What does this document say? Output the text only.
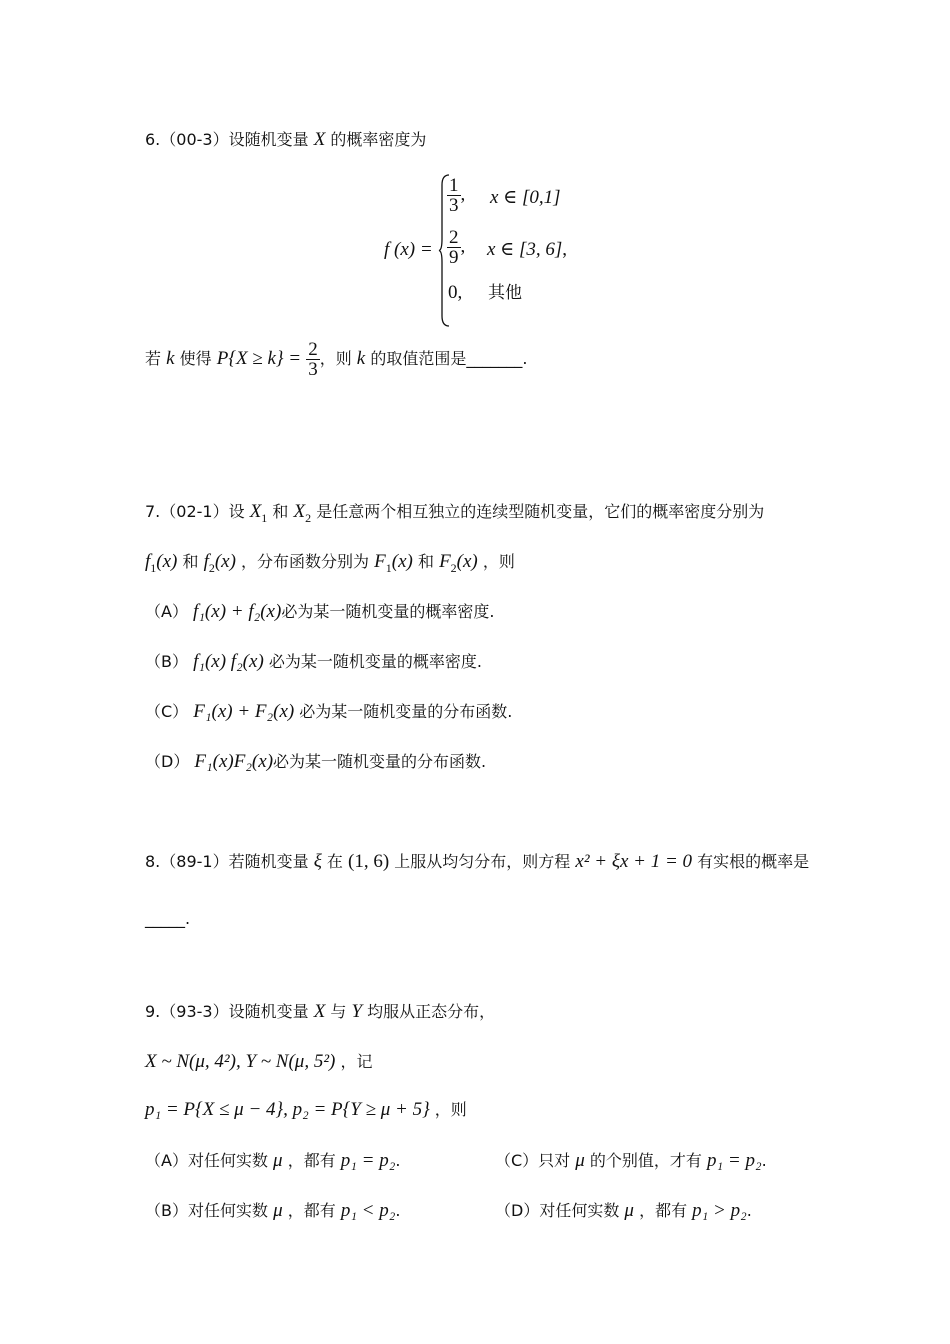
6.（00-3）设随机变量 X 的概率密度为
f (x) =
$\frac{1}{3}$ , x ∈ [0,1]
$\frac{2}{9}$ , x ∈ [3, 6],
0, 其他
若 k 使得 $P\{X \ge k\} = \frac{2}{3}$ ，则 k 的取值范围是_______.
7.（02-1）设 $X_1$ 和 $X_2$ 是任意两个相互独立的连续型随机变量，它们的概率密度分别为
$f_1(x)$ 和 $f_2(x)$ ，分布函数分别为 $F_1(x)$ 和 $F_2(x)$ ，则
（A） f₁(x) + f₂(x)必为某一随机变量的概率密度.
（B） f₁(x) f₂(x) 必为某一随机变量的概率密度.
（C） F₁(x) + F₂(x) 必为某一随机变量的分布函数.
（D） F₁(x)F₂(x)必为某一随机变量的分布函数.
8.（89-1）若随机变量 ξ 在 (1, 6) 上服从均匀分布，则方程 x² + ξx + 1 = 0 有实根的概率是
_____.
9.（93-3）设随机变量 X 与 Y 均服从正态分布，
X ~ N(μ, 4²), Y ~ N(μ, 5²) ，记
p₁ = P{X ≤ μ − 4}, p₂ = P{Y ≥ μ + 5} ，则
（A）对任何实数 μ ，都有 p₁ = p₂.	（C）只对 μ 的个别值，才有 p₁ = p₂.
（B）对任何实数 μ ，都有 p₁ < p₂.	（D）对任何实数 μ ，都有 p₁ > p₂.
